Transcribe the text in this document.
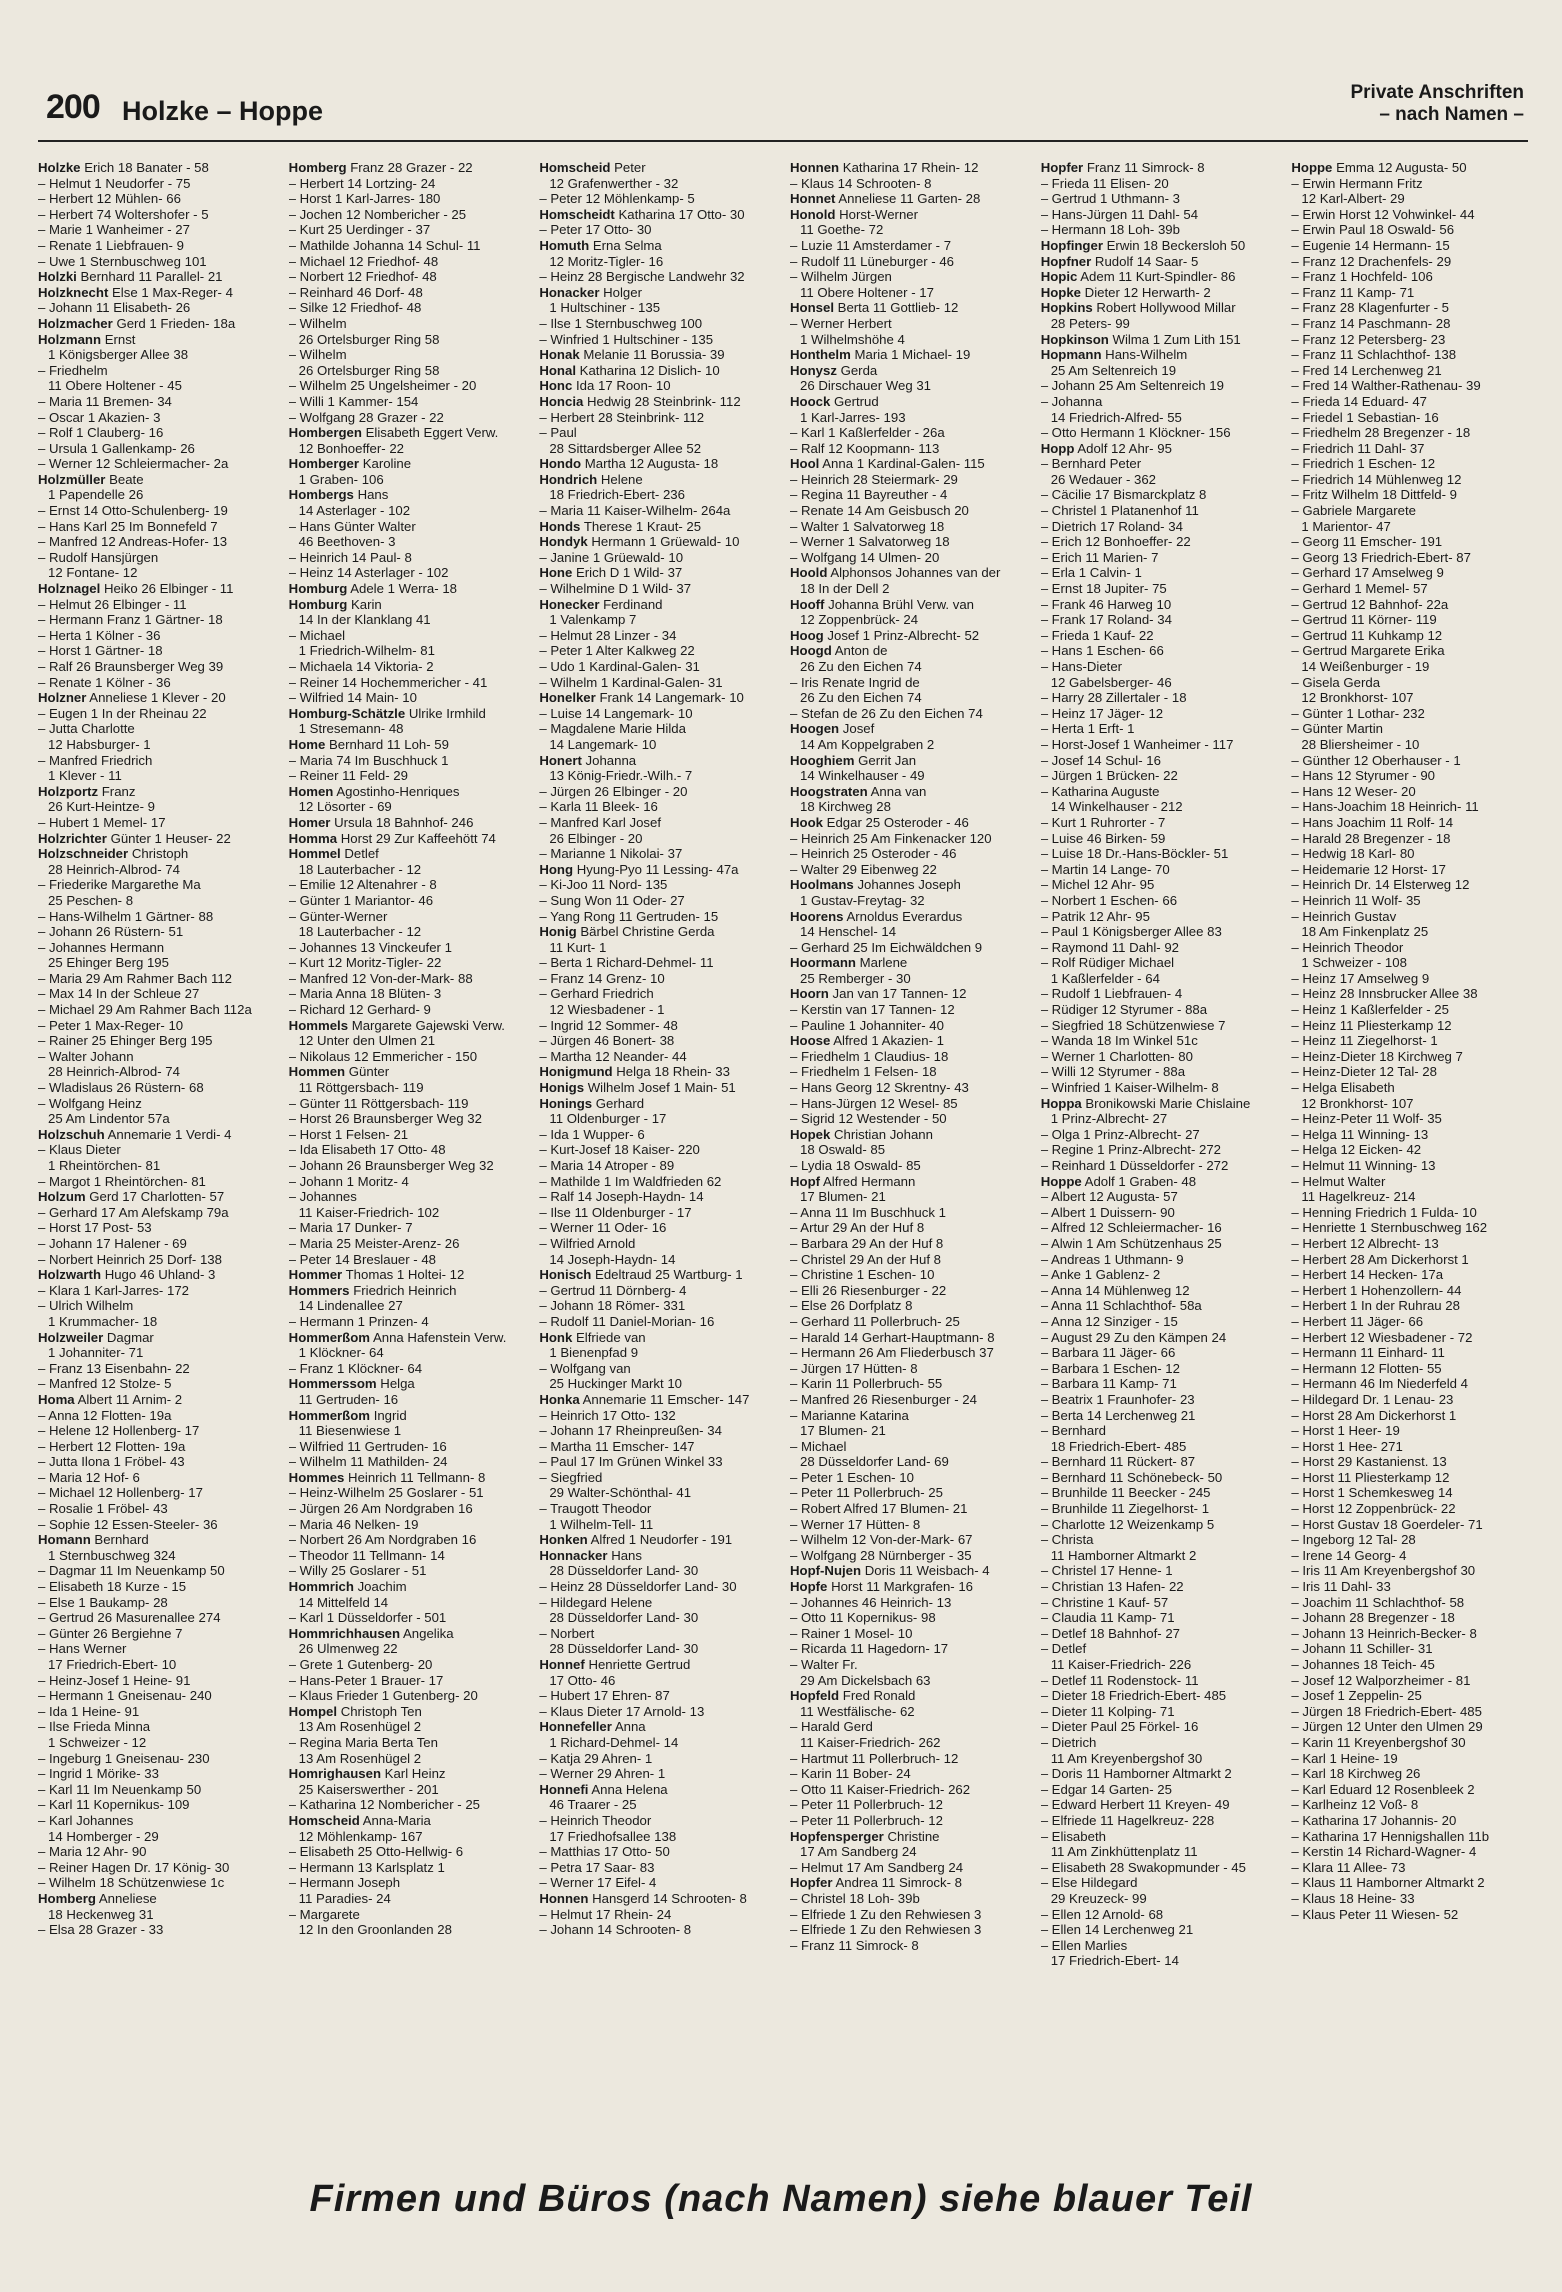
200 Holzke – Hoppe
Private Anschriften
– nach Namen –
Holzke Erich 18 Banater - 58
– Helmut 1 Neudorfer - 75
– Herbert 12 Mühlen- 66
– Herbert 74 Woltershofer - 5
– Marie 1 Wanheimer - 27
– Renate 1 Liebfrauen- 9
– Uwe 1 Sternbuschweg 101
Holzki Bernhard 11 Parallel- 21
Holzknecht Else 1 Max-Reger- 4
– Johann 11 Elisabeth- 26
Holzmacher Gerd 1 Frieden- 18a
Holzmann Ernst
1 Königsberger Allee 38
– Friedhelm
11 Obere Holtener - 45
– Maria 11 Bremen- 34
– Oscar 1 Akazien- 3
– Rolf 1 Clauberg- 16
– Ursula 1 Gallenkamp- 26
– Werner 12 Schleiermacher- 2a
Holzmüller Beate
1 Papendelle 26
– Ernst 14 Otto-Schulenberg- 19
– Hans Karl 25 Im Bonnefeld 7
– Manfred 12 Andreas-Hofer- 13
– Rudolf Hansjürgen
12 Fontane- 12
Holznagel Heiko 26 Elbinger - 11
– Helmut 26 Elbinger - 11
– Hermann Franz 1 Gärtner- 18
– Herta 1 Kölner - 36
– Horst 1 Gärtner- 18
– Ralf 26 Braunsberger Weg 39
– Renate 1 Kölner - 36
Holzner Anneliese 1 Klever - 20
– Eugen 1 In der Rheinau 22
– Jutta Charlotte
12 Habsburger- 1
– Manfred Friedrich
1 Klever - 11
Holzportz Franz
26 Kurt-Heintze- 9
– Hubert 1 Memel- 17
Holzrichter Günter 1 Heuser- 22
Holzschneider Christoph
28 Heinrich-Albrod- 74
– Friederike Margarethe Ma
25 Peschen- 8
– Hans-Wilhelm 1 Gärtner- 88
– Johann 26 Rüstern- 51
– Johannes Hermann
25 Ehinger Berg 195
– Maria 29 Am Rahmer Bach 112
– Max 14 In der Schleue 27
– Michael 29 Am Rahmer Bach 112a
– Peter 1 Max-Reger- 10
– Rainer 25 Ehinger Berg 195
– Walter Johann
28 Heinrich-Albrod- 74
– Wladislaus 26 Rüstern- 68
– Wolfgang Heinz
25 Am Lindentor 57a
Holzschuh Annemarie 1 Verdi- 4
– Klaus Dieter
1 Rheintörchen- 81
– Margot 1 Rheintörchen- 81
Holzum Gerd 17 Charlotten- 57
– Gerhard 17 Am Alefskamp 79a
– Horst 17 Post- 53
– Johann 17 Halener - 69
– Norbert Heinrich 25 Dorf- 138
Holzwarth Hugo 46 Uhland- 3
– Klara 1 Karl-Jarres- 172
– Ulrich Wilhelm
1 Krummacher- 18
Holzweiler Dagmar
1 Johanniter- 71
– Franz 13 Eisenbahn- 22
– Manfred 12 Stolze- 5
Homa Albert 11 Arnim- 2
– Anna 12 Flotten- 19a
– Helene 12 Hollenberg- 17
– Herbert 12 Flotten- 19a
– Jutta Ilona 1 Fröbel- 43
– Maria 12 Hof- 6
– Michael 12 Hollenberg- 17
– Rosalie 1 Fröbel- 43
– Sophie 12 Essen-Steeler- 36
Homann Bernhard
1 Sternbuschweg 324
– Dagmar 11 Im Neuenkamp 50
– Elisabeth 18 Kurze - 15
– Else 1 Baukamp- 28
– Gertrud 26 Masurenallee 274
– Günter 26 Bergiehne 7
– Hans Werner
17 Friedrich-Ebert- 10
– Heinz-Josef 1 Heine- 91
– Hermann 1 Gneisenau- 240
– Ida 1 Heine- 91
– Ilse Frieda Minna
1 Schweizer - 12
– Ingeburg 1 Gneisenau- 230
– Ingrid 1 Mörike- 33
– Karl 11 Im Neuenkamp 50
– Karl 11 Kopernikus- 109
– Karl Johannes
14 Homberger - 29
– Maria 12 Ahr- 90
– Reiner Hagen Dr. 17 König- 30
– Wilhelm 18 Schützenwiese 1c
Homberg Anneliese
18 Heckenweg 31
– Elsa 28 Grazer - 33
Homberg Franz 28 Grazer - 22
– Herbert 14 Lortzing- 24
– Horst 1 Karl-Jarres- 180
– Jochen 12 Nombericher - 25
– Kurt 25 Uerdinger - 37
– Mathilde Johanna 14 Schul- 11
– Michael 12 Friedhof- 48
– Norbert 12 Friedhof- 48
– Reinhard 46 Dorf- 48
– Silke 12 Friedhof- 48
– Wilhelm
26 Ortelsburger Ring 58
– Wilhelm
26 Ortelsburger Ring 58
– Wilhelm 25 Ungelsheimer - 20
– Willi 1 Kammer- 154
– Wolfgang 28 Grazer - 22
Hombergen Elisabeth Eggert Verw.
12 Bonhoeffer- 22
Homberger Karoline
1 Graben- 106
Hombergs Hans
14 Asterlager - 102
– Hans Günter Walter
46 Beethoven- 3
– Heinrich 14 Paul- 8
– Heinz 14 Asterlager - 102
Homburg Adele 1 Werra- 18
Homburg Karin
14 In der Klanklang 41
– Michael
1 Friedrich-Wilhelm- 81
– Michaela 14 Viktoria- 2
– Reiner 14 Hochemmericher - 41
– Wilfried 14 Main- 10
Homburg-Schätzle Ulrike Irmhild
1 Stresemann- 48
Home Bernhard 11 Loh- 59
– Maria 74 Im Buschhuck 1
– Reiner 11 Feld- 29
Homen Agostinho-Henriques
12 Lösorter - 69
Homer Ursula 18 Bahnhof- 246
Homma Horst 29 Zur Kaffeehött 74
Hommel Detlef
18 Lauterbacher - 12
– Emilie 12 Altenahrer - 8
– Günter 1 Mariantor- 46
– Günter-Werner
18 Lauterbacher - 12
– Johannes 13 Vinckeufer 1
– Kurt 12 Moritz-Tigler- 22
– Manfred 12 Von-der-Mark- 88
– Maria Anna 18 Blüten- 3
– Richard 12 Gerhard- 9
Hommels Margarete Gajewski Verw.
12 Unter den Ulmen 21
– Nikolaus 12 Emmericher - 150
Hommen Günter
11 Röttgersbach- 119
– Günter 11 Röttgersbach- 119
– Horst 26 Braunsberger Weg 32
– Horst 1 Felsen- 21
– Ida Elisabeth 17 Otto- 48
– Johann 26 Braunsberger Weg 32
– Johann 1 Moritz- 4
– Johannes
11 Kaiser-Friedrich- 102
– Maria 17 Dunker- 7
– Maria 25 Meister-Arenz- 26
– Peter 14 Breslauer - 48
Hommer Thomas 1 Holtei- 12
Hommers Friedrich Heinrich
14 Lindenallee 27
– Hermann 1 Prinzen- 4
Hommerßom Anna Hafenstein Verw.
1 Klöckner- 64
– Franz 1 Klöckner- 64
Hommerssom Helga
11 Gertruden- 16
Hommerßom Ingrid
11 Biesenwiese 1
– Wilfried 11 Gertruden- 16
– Wilhelm 11 Mathilden- 24
Hommes Heinrich 11 Tellmann- 8
– Heinz-Wilhelm 25 Goslarer - 51
– Jürgen 26 Am Nordgraben 16
– Maria 46 Nelken- 19
– Norbert 26 Am Nordgraben 16
– Theodor 11 Tellmann- 14
– Willy 25 Goslarer - 51
Hommrich Joachim
14 Mittelfeld 14
– Karl 1 Düsseldorfer - 501
Hommrichhausen Angelika
26 Ulmenweg 22
– Grete 1 Gutenberg- 20
– Hans-Peter 1 Brauer- 17
– Klaus Frieder 1 Gutenberg- 20
Hompel Christoph Ten
13 Am Rosenhügel 2
– Regina Maria Berta Ten
13 Am Rosenhügel 2
Homrighausen Karl Heinz
25 Kaiserswerther - 201
– Katharina 12 Nombericher - 25
Homscheid Anna-Maria
12 Möhlenkamp- 167
– Elisabeth 25 Otto-Hellwig- 6
– Hermann 13 Karlsplatz 1
– Hermann Joseph
11 Paradies- 24
– Margarete
12 In den Groonlanden 28
Homscheid Peter
12 Grafenwerther - 32
– Peter 12 Möhlenkamp- 5
Homscheidt Katharina 17 Otto- 30
– Peter 17 Otto- 30
Homuth Erna Selma
12 Moritz-Tigler- 16
– Heinz 28 Bergische Landwehr 32
Honacker Holger
1 Hultschiner - 135
– Ilse 1 Sternbuschweg 100
– Winfried 1 Hultschiner - 135
Honak Melanie 11 Borussia- 39
Honal Katharina 12 Dislich- 10
Honc Ida 17 Roon- 10
Honcia Hedwig 28 Steinbrink- 112
– Herbert 28 Steinbrink- 112
– Paul
28 Sittardsberger Allee 52
Hondo Martha 12 Augusta- 18
Hondrich Helene
18 Friedrich-Ebert- 236
– Maria 11 Kaiser-Wilhelm- 264a
Honds Therese 1 Kraut- 25
Hondyk Hermann 1 Grüewald- 10
– Janine 1 Grüewald- 10
Hone Erich D 1 Wild- 37
– Wilhelmine D 1 Wild- 37
Honecker Ferdinand
1 Valenkamp 7
– Helmut 28 Linzer - 34
– Peter 1 Alter Kalkweg 22
– Udo 1 Kardinal-Galen- 31
– Wilhelm 1 Kardinal-Galen- 31
Honelker Frank 14 Langemark- 10
– Luise 14 Langemark- 10
– Magdalene Marie Hilda
14 Langemark- 10
Honert Johanna
13 König-Friedr.-Wilh.- 7
– Jürgen 26 Elbinger - 20
– Karla 11 Bleek- 16
– Manfred Karl Josef
26 Elbinger - 20
– Marianne 1 Nikolai- 37
Hong Hyung-Pyo 11 Lessing- 47a
– Ki-Joo 11 Nord- 135
– Sung Won 11 Oder- 27
– Yang Rong 11 Gertruden- 15
Honig Bärbel Christine Gerda
11 Kurt- 1
– Berta 1 Richard-Dehmel- 11
– Franz 14 Grenz- 10
– Gerhard Friedrich
12 Wiesbadener - 1
– Ingrid 12 Sommer- 48
– Jürgen 46 Bonert- 38
– Martha 12 Neander- 44
Honigmund Helga 18 Rhein- 33
Honigs Wilhelm Josef 1 Main- 51
Honings Gerhard
11 Oldenburger - 17
– Ida 1 Wupper- 6
– Kurt-Josef 18 Kaiser- 220
– Maria 14 Atroper - 89
– Mathilde 1 Im Waldfrieden 62
– Ralf 14 Joseph-Haydn- 14
– Ilse 11 Oldenburger - 17
– Werner 11 Oder- 16
– Wilfried Arnold
14 Joseph-Haydn- 14
Honisch Edeltraud 25 Wartburg- 1
– Gertrud 11 Dörnberg- 4
– Johann 18 Römer- 331
– Rudolf 11 Daniel-Morian- 16
Honk Elfriede van
1 Bienenpfad 9
– Wolfgang van
25 Huckinger Markt 10
Honka Annemarie 11 Emscher- 147
– Heinrich 17 Otto- 132
– Johann 17 Rheinpreußen- 34
– Martha 11 Emscher- 147
– Paul 17 Im Grünen Winkel 33
– Siegfried
29 Walter-Schönthal- 41
– Traugott Theodor
1 Wilhelm-Tell- 11
Honken Alfred 1 Neudorfer - 191
Honnacker Hans
28 Düsseldorfer Land- 30
– Heinz 28 Düsseldorfer Land- 30
– Hildegard Helene
28 Düsseldorfer Land- 30
– Norbert
28 Düsseldorfer Land- 30
Honnef Henriette Gertrud
17 Otto- 46
– Hubert 17 Ehren- 87
– Klaus Dieter 17 Arnold- 13
Honnefeller Anna
1 Richard-Dehmel- 14
– Katja 29 Ahren- 1
– Werner 29 Ahren- 1
Honnefi Anna Helena
46 Traarer - 25
– Heinrich Theodor
17 Friedhofsallee 138
– Matthias 17 Otto- 50
– Petra 17 Saar- 83
– Werner 17 Eifel- 4
Honnen Hansgerd 14 Schrooten- 8
– Helmut 17 Rhein- 24
– Johann 14 Schrooten- 8
Honnen Katharina 17 Rhein- 12
– Klaus 14 Schrooten- 8
Honnet Anneliese 11 Garten- 28
Honold Horst-Werner
11 Goethe- 72
– Luzie 11 Amsterdamer - 7
– Rudolf 11 Lüneburger - 46
– Wilhelm Jürgen
11 Obere Holtener - 17
Honsel Berta 11 Gottlieb- 12
– Werner Herbert
1 Wilhelmshöhe 4
Honthelm Maria 1 Michael- 19
Honysz Gerda
26 Dirschauer Weg 31
Hoock Gertrud
1 Karl-Jarres- 193
– Karl 1 Kaßlerfelder - 26a
– Ralf 12 Koopmann- 113
Hool Anna 1 Kardinal-Galen- 115
– Heinrich 28 Steiermark- 29
– Regina 11 Bayreuther - 4
– Renate 14 Am Geisbusch 20
– Walter 1 Salvatorweg 18
– Werner 1 Salvatorweg 18
– Wolfgang 14 Ulmen- 20
Hoold Alphonsos Johannes van der
18 In der Dell 2
Hooff Johanna Brühl Verw. van
12 Zoppenbrück- 24
Hoog Josef 1 Prinz-Albrecht- 52
Hoogd Anton de
26 Zu den Eichen 74
– Iris Renate Ingrid de
26 Zu den Eichen 74
– Stefan de 26 Zu den Eichen 74
Hoogen Josef
14 Am Koppelgraben 2
Hooghiem Gerrit Jan
14 Winkelhauser - 49
Hoogstraten Anna van
18 Kirchweg 28
Hook Edgar 25 Osteroder - 46
– Heinrich 25 Am Finkenacker 120
– Heinrich 25 Osteroder - 46
– Walter 29 Eibenweg 22
Hoolmans Johannes Joseph
1 Gustav-Freytag- 32
Hoorens Arnoldus Everardus
14 Henschel- 14
– Gerhard 25 Im Eichwäldchen 9
Hoormann Marlene
25 Remberger - 30
Hoorn Jan van 17 Tannen- 12
– Kerstin van 17 Tannen- 12
– Pauline 1 Johanniter- 40
Hoose Alfred 1 Akazien- 1
– Friedhelm 1 Claudius- 18
– Friedhelm 1 Felsen- 18
– Hans Georg 12 Skrentny- 43
– Hans-Jürgen 12 Wesel- 85
– Sigrid 12 Westender - 50
Hopek Christian Johann
18 Oswald- 85
– Lydia 18 Oswald- 85
Hopf Alfred Hermann
17 Blumen- 21
– Anna 11 Im Buschhuck 1
– Artur 29 An der Huf 8
– Barbara 29 An der Huf 8
– Christel 29 An der Huf 8
– Christine 1 Eschen- 10
– Elli 26 Riesenburger - 22
– Else 26 Dorfplatz 8
– Gerhard 11 Pollerbruch- 25
– Harald 14 Gerhart-Hauptmann- 8
– Hermann 26 Am Fliederbusch 37
– Jürgen 17 Hütten- 8
– Karin 11 Pollerbruch- 55
– Manfred 26 Riesenburger - 24
– Marianne Katarina
17 Blumen- 21
– Michael
28 Düsseldorfer Land- 69
– Peter 1 Eschen- 10
– Peter 11 Pollerbruch- 25
– Robert Alfred 17 Blumen- 21
– Werner 17 Hütten- 8
– Wilhelm 12 Von-der-Mark- 67
– Wolfgang 28 Nürnberger - 35
Hopf-Nujen Doris 11 Weisbach- 4
Hopfe Horst 11 Markgrafen- 16
– Johannes 46 Heinrich- 13
– Otto 11 Kopernikus- 98
– Rainer 1 Mosel- 10
– Ricarda 11 Hagedorn- 17
– Walter Fr.
29 Am Dickelsbach 63
Hopfeld Fred Ronald
11 Westfälische- 62
– Harald Gerd
11 Kaiser-Friedrich- 262
– Hartmut 11 Pollerbruch- 12
– Karin 11 Bober- 24
– Otto 11 Kaiser-Friedrich- 262
– Peter 11 Pollerbruch- 12
– Peter 11 Pollerbruch- 12
Hopfensperger Christine
17 Am Sandberg 24
– Helmut 17 Am Sandberg 24
Hopfer Andrea 11 Simrock- 8
– Christel 18 Loh- 39b
– Elfriede 1 Zu den Rehwiesen 3
– Elfriede 1 Zu den Rehwiesen 3
– Franz 11 Simrock- 8
Hopfer Franz 11 Simrock- 8
– Frieda 11 Elisen- 20
– Gertrud 1 Uthmann- 3
– Hans-Jürgen 11 Dahl- 54
– Hermann 18 Loh- 39b
Hopfinger Erwin 18 Beckersloh 50
Hopfner Rudolf 14 Saar- 5
Hopic Adem 11 Kurt-Spindler- 86
Hopke Dieter 12 Herwarth- 2
Hopkins Robert Hollywood Millar
28 Peters- 99
Hopkinson Wilma 1 Zum Lith 151
Hopmann Hans-Wilhelm
25 Am Seltenreich 19
– Johann 25 Am Seltenreich 19
– Johanna
14 Friedrich-Alfred- 55
– Otto Hermann 1 Klöckner- 156
Hopp Adolf 12 Ahr- 95
– Bernhard Peter
26 Wedauer - 362
– Cäcilie 17 Bismarckplatz 8
– Christel 1 Platanenhof 11
– Dietrich 17 Roland- 34
– Erich 12 Bonhoeffer- 22
– Erich 11 Marien- 7
– Erla 1 Calvin- 1
– Ernst 18 Jupiter- 75
– Frank 46 Harweg 10
– Frank 17 Roland- 34
– Frieda 1 Kauf- 22
– Hans 1 Eschen- 66
– Hans-Dieter
12 Gabelsberger- 46
– Harry 28 Zillertaler - 18
– Heinz 17 Jäger- 12
– Herta 1 Erft- 1
– Horst-Josef 1 Wanheimer - 117
– Josef 14 Schul- 16
– Jürgen 1 Brücken- 22
– Katharina Auguste
14 Winkelhauser - 212
– Kurt 1 Ruhrorter - 7
– Luise 46 Birken- 59
– Luise 18 Dr.-Hans-Böckler- 51
– Martin 14 Lange- 70
– Michel 12 Ahr- 95
– Norbert 1 Eschen- 66
– Patrik 12 Ahr- 95
– Paul 1 Königsberger Allee 83
– Raymond 11 Dahl- 92
– Rolf Rüdiger Michael
1 Kaßlerfelder - 64
– Rudolf 1 Liebfrauen- 4
– Rüdiger 12 Styrumer - 88a
– Siegfried 18 Schützenwiese 7
– Wanda 18 Im Winkel 51c
– Werner 1 Charlotten- 80
– Willi 12 Styrumer - 88a
– Winfried 1 Kaiser-Wilhelm- 8
Hoppa Bronikowski Marie Chislaine
1 Prinz-Albrecht- 27
– Olga 1 Prinz-Albrecht- 27
– Regine 1 Prinz-Albrecht- 272
– Reinhard 1 Düsseldorfer - 272
Hoppe Adolf 1 Graben- 48
– Albert 12 Augusta- 57
– Albert 1 Duissern- 90
– Alfred 12 Schleiermacher- 16
– Alwin 1 Am Schützenhaus 25
– Andreas 1 Uthmann- 9
– Anke 1 Gablenz- 2
– Anna 14 Mühlenweg 12
– Anna 11 Schlachthof- 58a
– Anna 12 Sinziger - 15
– August 29 Zu den Kämpen 24
– Barbara 11 Jäger- 66
– Barbara 1 Eschen- 12
– Barbara 11 Kamp- 71
– Beatrix 1 Fraunhofer- 23
– Berta 14 Lerchenweg 21
– Bernhard
18 Friedrich-Ebert- 485
– Bernhard 11 Rückert- 87
– Bernhard 11 Schönebeck- 50
– Brunhilde 11 Beecker - 245
– Brunhilde 11 Ziegelhorst- 1
– Charlotte 12 Weizenkamp 5
– Christa
11 Hamborner Altmarkt 2
– Christel 17 Henne- 1
– Christian 13 Hafen- 22
– Christine 1 Kauf- 57
– Claudia 11 Kamp- 71
– Detlef 18 Bahnhof- 27
– Detlef
11 Kaiser-Friedrich- 226
– Detlef 11 Rodenstock- 11
– Dieter 18 Friedrich-Ebert- 485
– Dieter 11 Kolping- 71
– Dieter Paul 25 Förkel- 16
– Dietrich
11 Am Kreyenbergshof 30
– Doris 11 Hamborner Altmarkt 2
– Edgar 14 Garten- 25
– Edward Herbert 11 Kreyen- 49
– Elfriede 11 Hagelkreuz- 228
– Elisabeth
11 Am Zinkhüttenplatz 11
– Elisabeth 28 Swakopmunder - 45
– Else Hildegard
29 Kreuzeck- 99
– Ellen 12 Arnold- 68
– Ellen 14 Lerchenweg 21
– Ellen Marlies
17 Friedrich-Ebert- 14
Hoppe Emma 12 Augusta- 50
– Erwin Hermann Fritz
12 Karl-Albert- 29
– Erwin Horst 12 Vohwinkel- 44
– Erwin Paul 18 Oswald- 56
– Eugenie 14 Hermann- 15
– Franz 12 Drachenfels- 29
– Franz 1 Hochfeld- 106
– Franz 11 Kamp- 71
– Franz 28 Klagenfurter - 5
– Franz 14 Paschmann- 28
– Franz 12 Petersberg- 23
– Franz 11 Schlachthof- 138
– Fred 14 Lerchenweg 21
– Fred 14 Walther-Rathenau- 39
– Frieda 14 Eduard- 47
– Friedel 1 Sebastian- 16
– Friedhelm 28 Bregenzer - 18
– Friedrich 11 Dahl- 37
– Friedrich 1 Eschen- 12
– Friedrich 14 Mühlenweg 12
– Fritz Wilhelm 18 Dittfeld- 9
– Gabriele Margarete
1 Marientor- 47
– Georg 11 Emscher- 191
– Georg 13 Friedrich-Ebert- 87
– Gerhard 17 Amselweg 9
– Gerhard 1 Memel- 57
– Gertrud 12 Bahnhof- 22a
– Gertrud 11 Körner- 119
– Gertrud 11 Kuhkamp 12
– Gertrud Margarete Erika
14 Weißenburger - 19
– Gisela Gerda
12 Bronkhorst- 107
– Günter 1 Lothar- 232
– Günter Martin
28 Bliersheimer - 10
– Günther 12 Oberhauser - 1
– Hans 12 Styrumer - 90
– Hans 12 Weser- 20
– Hans-Joachim 18 Heinrich- 11
– Hans Joachim 11 Rolf- 14
– Harald 28 Bregenzer - 18
– Hedwig 18 Karl- 80
– Heidemarie 12 Horst- 17
– Heinrich Dr. 14 Elsterweg 12
– Heinrich 11 Wolf- 35
– Heinrich Gustav
18 Am Finkenplatz 25
– Heinrich Theodor
1 Schweizer - 108
– Heinz 17 Amselweg 9
– Heinz 28 Innsbrucker Allee 38
– Heinz 1 Kaßlerfelder - 25
– Heinz 11 Pliesterkamp 12
– Heinz 11 Ziegelhorst- 1
– Heinz-Dieter 18 Kirchweg 7
– Heinz-Dieter 12 Tal- 28
– Helga Elisabeth
12 Bronkhorst- 107
– Heinz-Peter 11 Wolf- 35
– Helga 11 Winning- 13
– Helga 12 Eicken- 42
– Helmut 11 Winning- 13
– Helmut Walter
11 Hagelkreuz- 214
– Henning Friedrich 1 Fulda- 10
– Henriette 1 Sternbuschweg 162
– Herbert 12 Albrecht- 13
– Herbert 28 Am Dickerhorst 1
– Herbert 14 Hecken- 17a
– Herbert 1 Hohenzollern- 44
– Herbert 1 In der Ruhrau 28
– Herbert 11 Jäger- 66
– Herbert 12 Wiesbadener - 72
– Hermann 11 Einhard- 11
– Hermann 12 Flotten- 55
– Hermann 46 Im Niederfeld 4
– Hildegard Dr. 1 Lenau- 23
– Horst 28 Am Dickerhorst 1
– Horst 1 Heer- 19
– Horst 1 Hee- 271
– Horst 29 Kastanienst. 13
– Horst 11 Pliesterkamp 12
– Horst 1 Schemkesweg 14
– Horst 12 Zoppenbrück- 22
– Horst Gustav 18 Goerdeler- 71
– Ingeborg 12 Tal- 28
– Irene 14 Georg- 4
– Iris 11 Am Kreyenbergshof 30
– Iris 11 Dahl- 33
– Joachim 11 Schlachthof- 58
– Johann 28 Bregenzer - 18
– Johann 13 Heinrich-Becker- 8
– Johann 11 Schiller- 31
– Johannes 18 Teich- 45
– Josef 12 Walporzheimer - 81
– Josef 1 Zeppelin- 25
– Jürgen 18 Friedrich-Ebert- 485
– Jürgen 12 Unter den Ulmen 29
– Karin 11 Kreyenbergshof 30
– Karl 1 Heine- 19
– Karl 18 Kirchweg 26
– Karl Eduard 12 Rosenbleek 2
– Karlheinz 12 Voß- 8
– Katharina 17 Johannis- 20
– Katharina 17 Hennigshallen 11b
– Kerstin 14 Richard-Wagner- 4
– Klara 11 Allee- 73
– Klaus 11 Hamborner Altmarkt 2
– Klaus 18 Heine- 33
– Klaus Peter 11 Wiesen- 52
Firmen und Büros (nach Namen) siehe blauer Teil
